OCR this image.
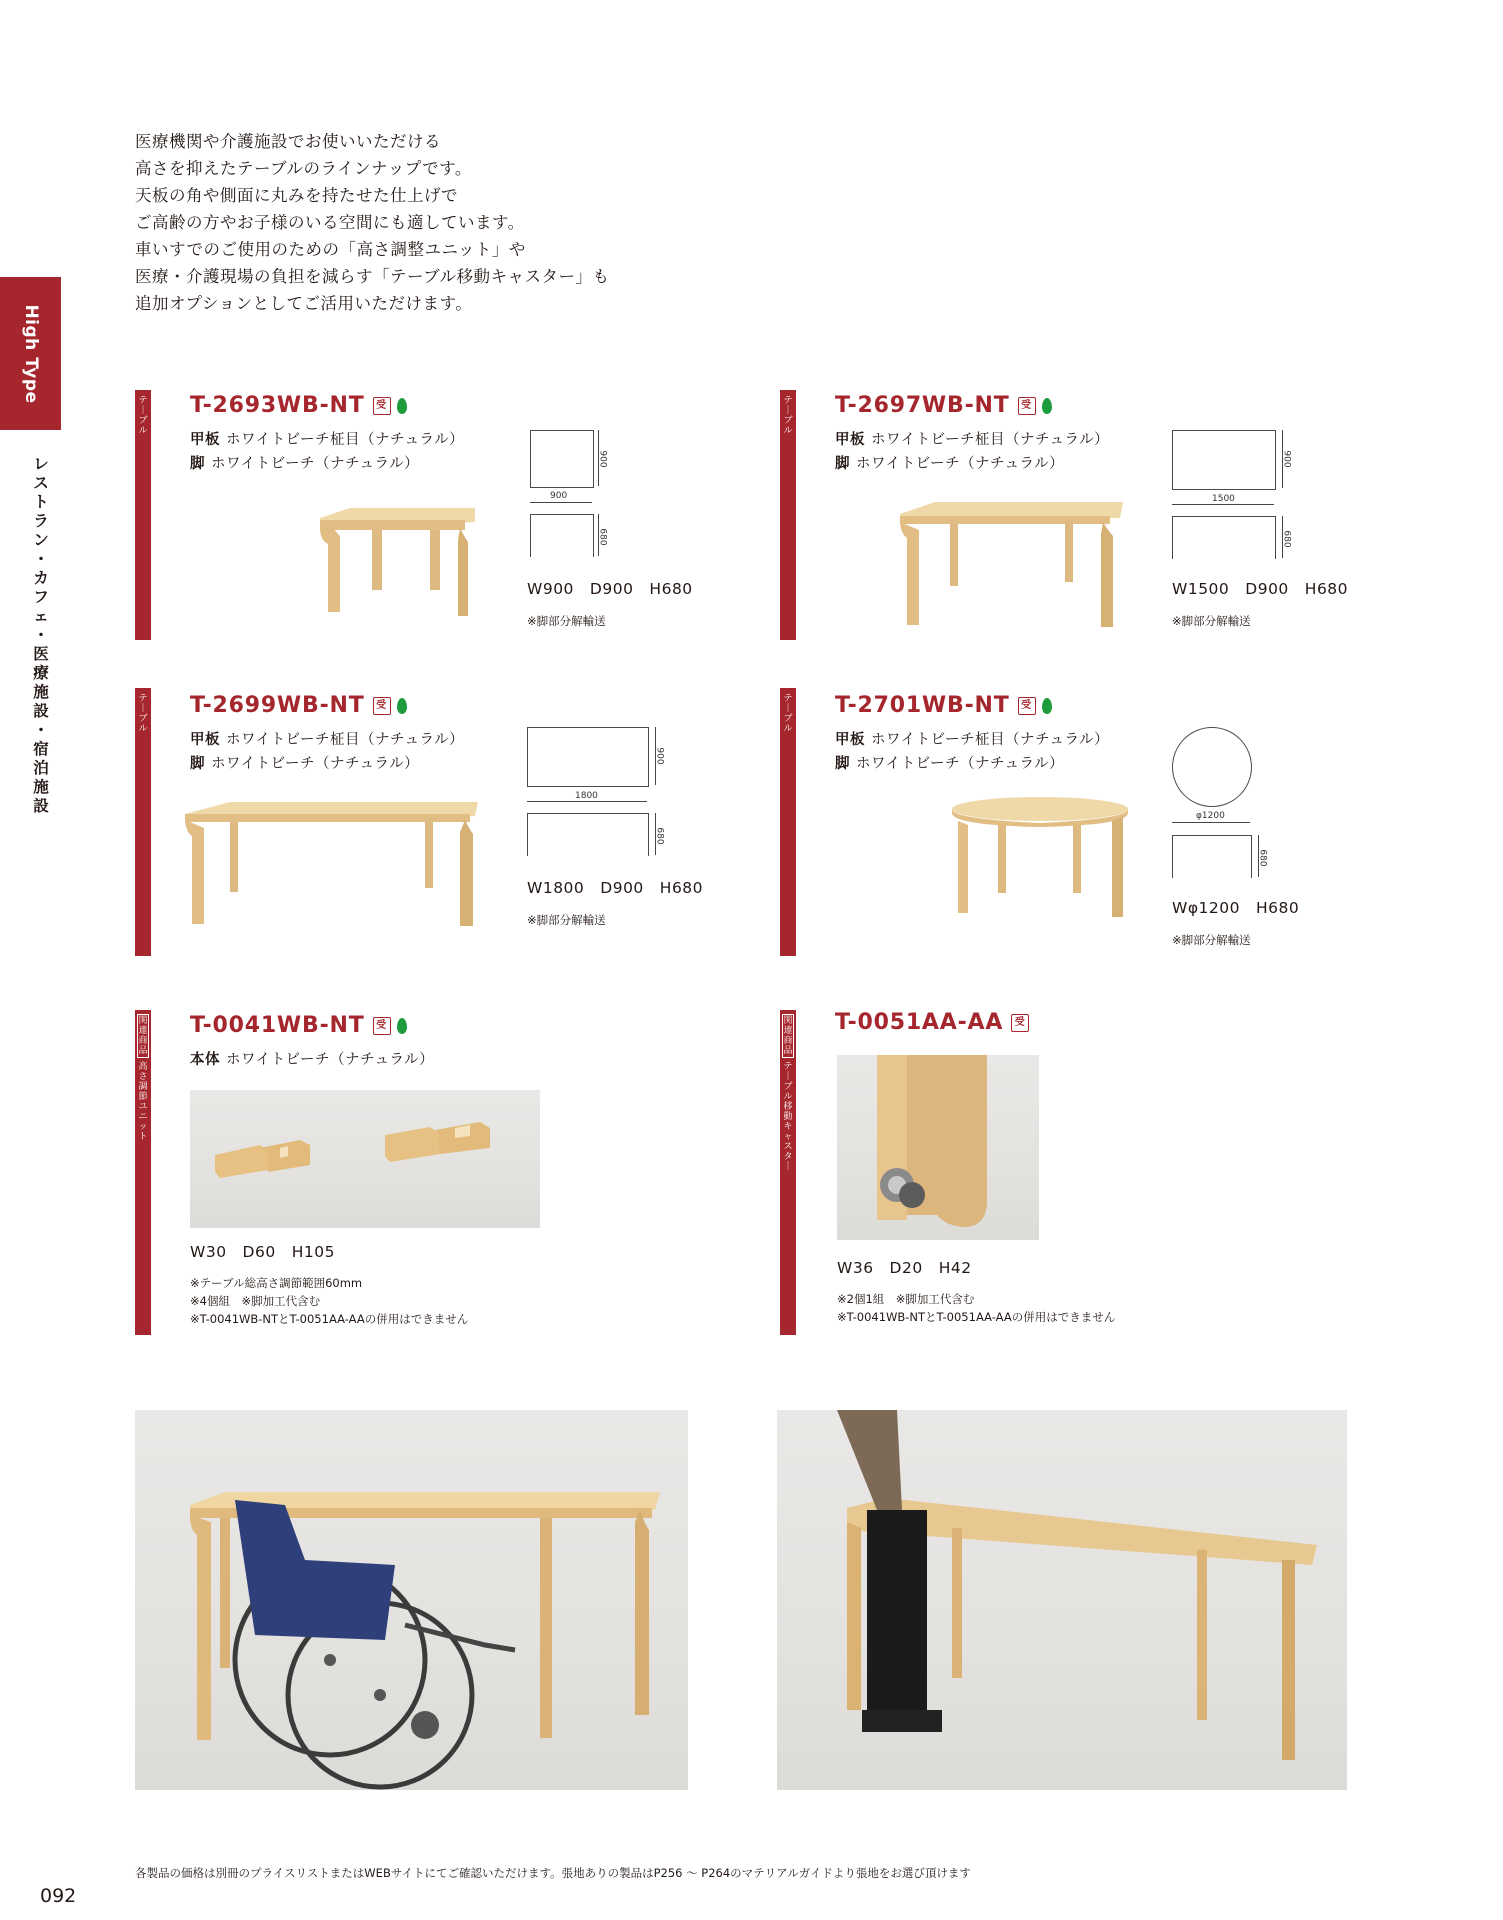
医療機関や介護施設でお使いいただける
高さを抑えたテーブルのラインナップです。
天板の角や側面に丸みを持たせた仕上げで
ご高齢の方やお子様のいる空間にも適しています。
車いすでのご使用のための「高さ調整ユニット」や
医療・介護現場の負担を減らす「テーブル移動キャスター」も
追加オプションとしてご活用いただけます。
High Type
レ
ス
ト
ラ
ン
・
カ
フ
ェ
・
医
療
施
設
・
宿
泊
施
設
テ
｜
ブ
ル
T-2693WB-NT 受
甲板 ホワイトビーチ柾目（ナチュラル）
脚 ホワイトビーチ（ナチュラル）	900
900
680
W900　D900　H680
※脚部分解輸送
テ
｜
ブ
ル
T-2697WB-NT 受
甲板 ホワイトビーチ柾目（ナチュラル）
脚 ホワイトビーチ（ナチュラル）	900
1500
680
W1500　D900　H680
※脚部分解輸送
テ
｜
ブ
ル
T-2699WB-NT 受
甲板 ホワイトビーチ柾目（ナチュラル）
脚 ホワイトビーチ（ナチュラル）	900
1800
680
W1800　D900　H680
※脚部分解輸送
テ
｜
ブ
ル
T-2701WB-NT 受
甲板 ホワイトビーチ柾目（ナチュラル）
脚 ホワイトビーチ（ナチュラル）
φ1200
680
Wφ1200　H680
※脚部分解輸送
関
連
商
品
高
さ
調
節
ユ
ニ
ッ
ト
T-0041WB-NT 受
本体 ホワイトビーチ（ナチュラル）
W30　D60　H105
※テーブル総高さ調節範囲60mm
※4個組　※脚加工代含む
※T-0041WB-NTとT-0051AA-AAの併用はできません
関
連
商
品
テ
｜
ブ
ル
移
動
キ
ャ
ス
タ
｜
T-0051AA-AA 受
W36　D20　H42
※2個1組　※脚加工代含む
※T-0041WB-NTとT-0051AA-AAの併用はできません
各製品の価格は別冊のプライスリストまたはWEBサイトにてご確認いただけます。張地ありの製品はP256 〜 P264のマテリアルガイドより張地をお選び頂けます
092
